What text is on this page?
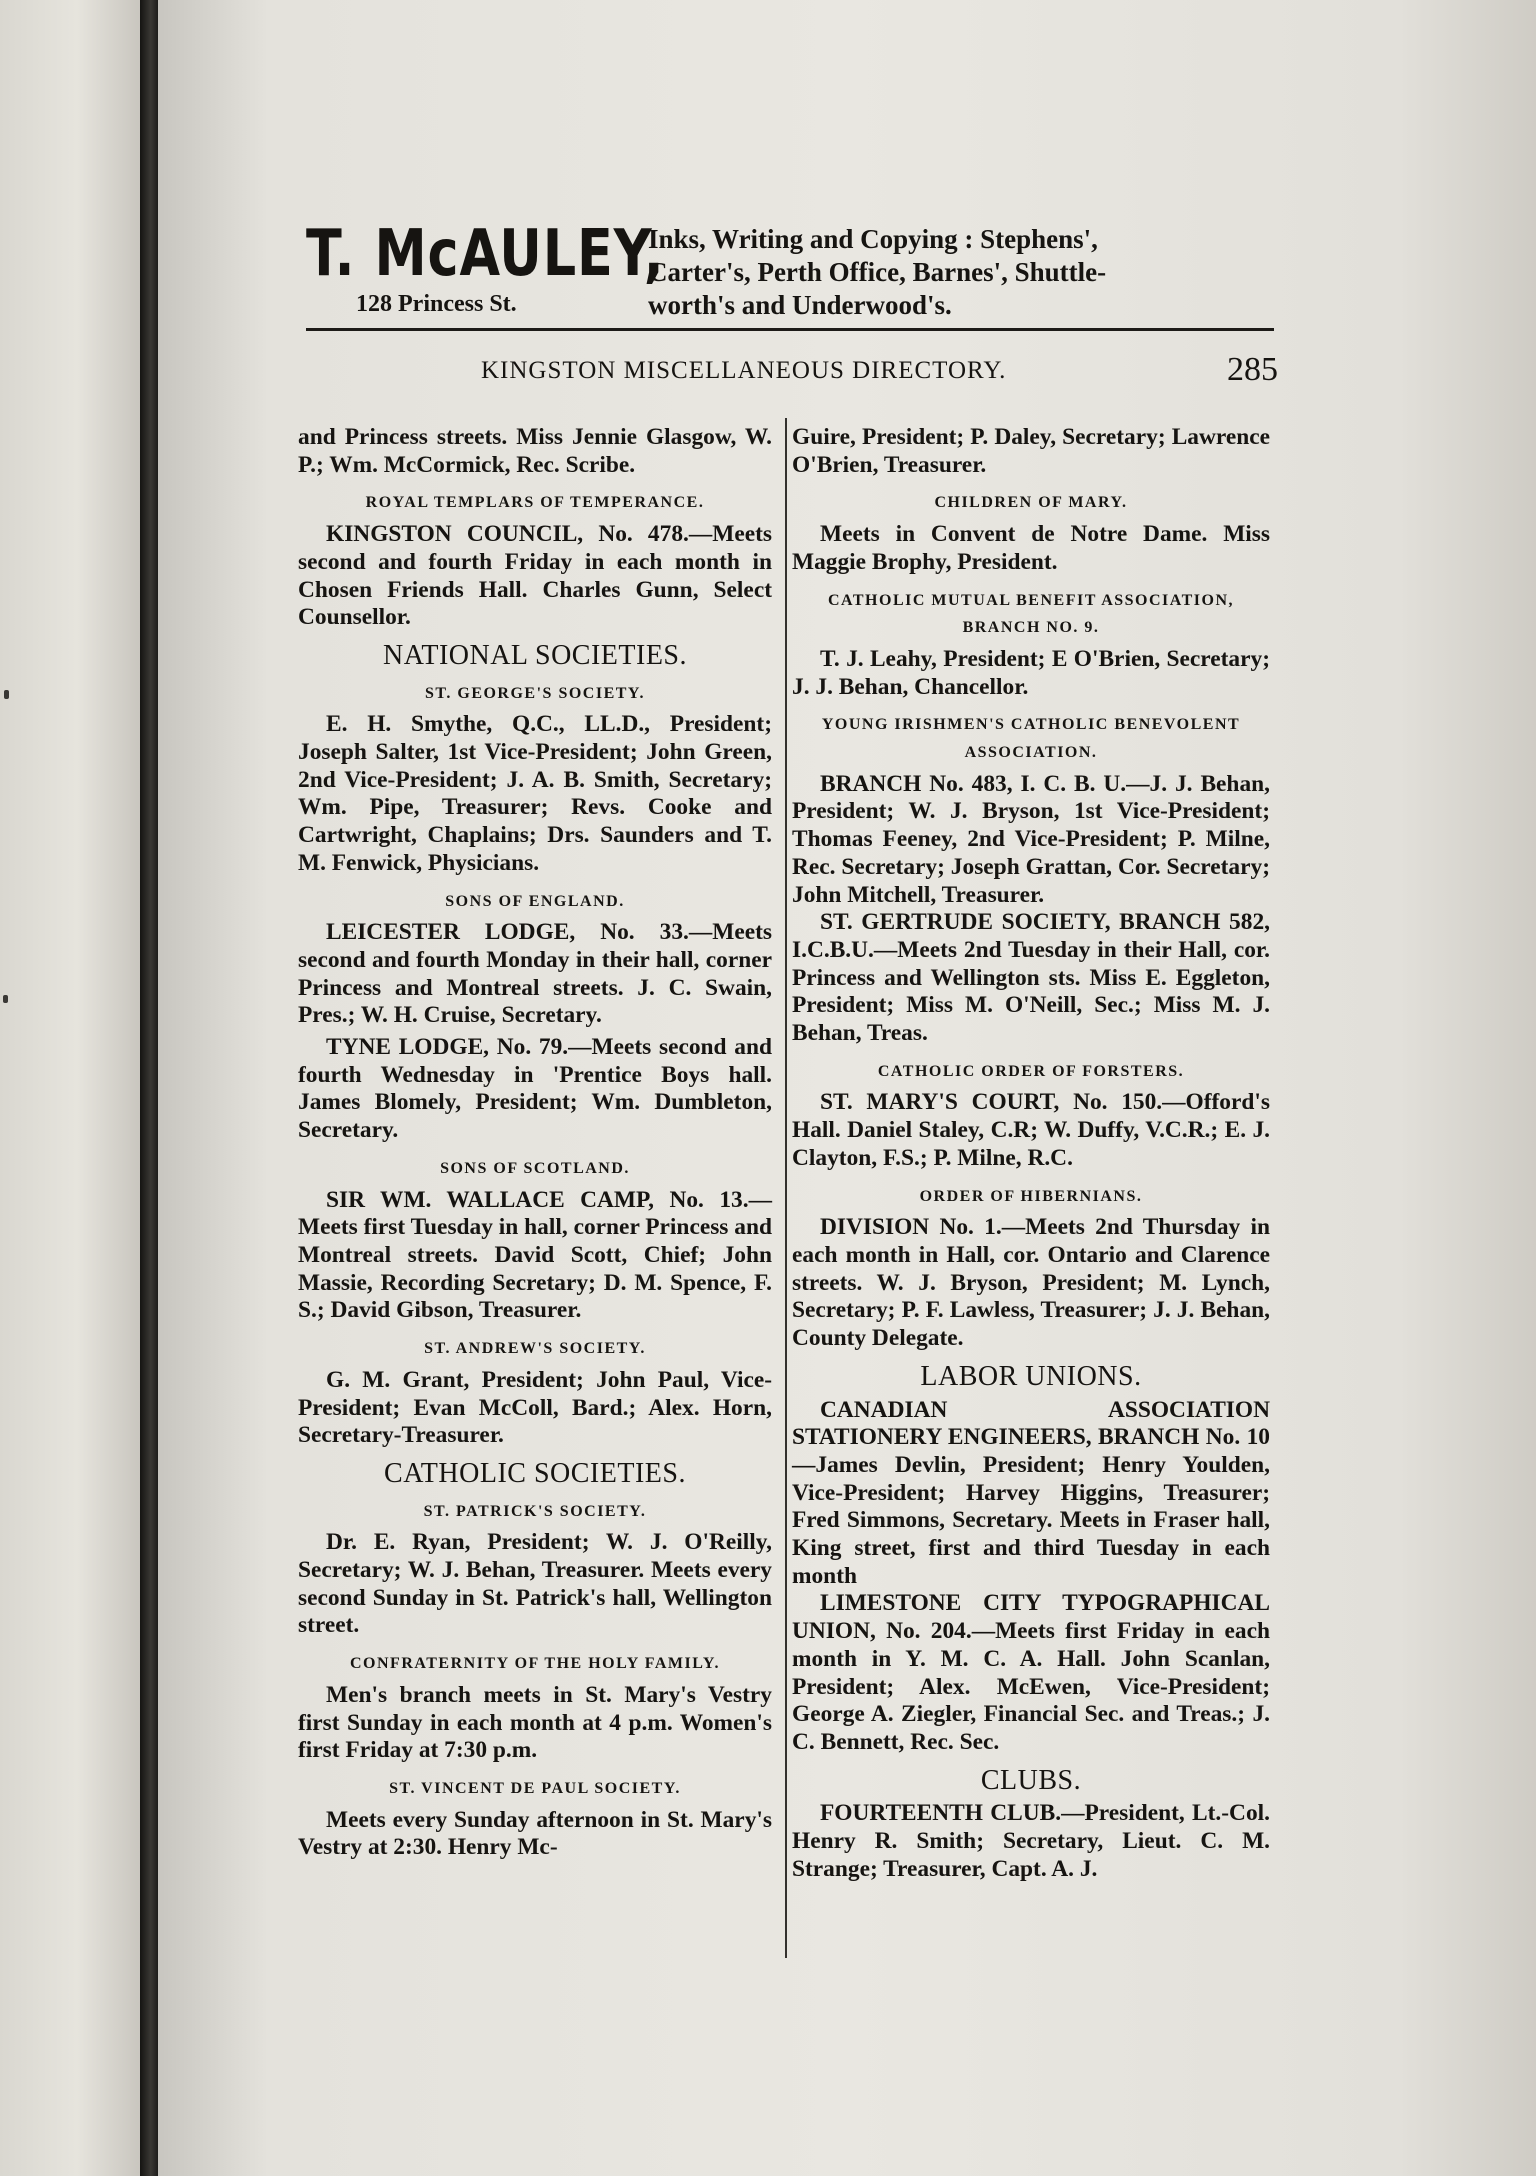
T. McAULEY,
128 Princess St.
Inks, Writing and Copying : Stephens',
Carter's, Perth Office, Barnes', Shuttle-
worth's and Underwood's.
KINGSTON MISCELLANEOUS DIRECTORY.	285

and Princess streets. Miss Jennie Glasgow, W. P.; Wm. McCormick, Rec. Scribe.

ROYAL TEMPLARS OF TEMPERANCE.

KINGSTON COUNCIL, No. 478.—Meets second and fourth Friday in each month in Chosen Friends Hall. Charles Gunn, Select Counsellor.

NATIONAL SOCIETIES.
ST. GEORGE'S SOCIETY.

E. H. Smythe, Q.C., LL.D., President; Joseph Salter, 1st Vice-President; John Green, 2nd Vice-President; J. A. B. Smith, Secretary; Wm. Pipe, Treasurer; Revs. Cooke and Cartwright, Chaplains; Drs. Saunders and T. M. Fenwick, Physicians.

SONS OF ENGLAND.

LEICESTER LODGE, No. 33.—Meets second and fourth Monday in their hall, corner Princess and Montreal streets. J. C. Swain, Pres.; W. H. Cruise, Secretary.

TYNE LODGE, No. 79.—Meets second and fourth Wednesday in 'Prentice Boys hall. James Blomely, President; Wm. Dumbleton, Secretary.

SONS OF SCOTLAND.

SIR WM. WALLACE CAMP, No. 13.—Meets first Tuesday in hall, corner Princess and Montreal streets. David Scott, Chief; John Massie, Recording Secretary; D. M. Spence, F. S.; David Gibson, Treasurer.

ST. ANDREW'S SOCIETY.

G. M. Grant, President; John Paul, Vice-President; Evan McColl, Bard.; Alex. Horn, Secretary-Treasurer.

CATHOLIC SOCIETIES.
ST. PATRICK'S SOCIETY.

Dr. E. Ryan, President; W. J. O'Reilly, Secretary; W. J. Behan, Treasurer. Meets every second Sunday in St. Patrick's hall, Wellington street.

CONFRATERNITY OF THE HOLY FAMILY.

Men's branch meets in St. Mary's Vestry first Sunday in each month at 4 p.m. Women's first Friday at 7:30 p.m.

ST. VINCENT DE PAUL SOCIETY.

Meets every Sunday afternoon in St. Mary's Vestry at 2:30. Henry Mc-

Guire, President; P. Daley, Secretary; Lawrence O'Brien, Treasurer.

CHILDREN OF MARY.

Meets in Convent de Notre Dame. Miss Maggie Brophy, President.

CATHOLIC MUTUAL BENEFIT ASSOCIATION, BRANCH NO. 9.

T. J. Leahy, President; E O'Brien, Secretary; J. J. Behan, Chancellor.

YOUNG IRISHMEN'S CATHOLIC BENEVOLENT ASSOCIATION.

BRANCH No. 483, I. C. B. U.—J. J. Behan, President; W. J. Bryson, 1st Vice-President; Thomas Feeney, 2nd Vice-President; P. Milne, Rec. Secretary; Joseph Grattan, Cor. Secretary; John Mitchell, Treasurer.

ST. GERTRUDE SOCIETY, BRANCH 582, I.C.B.U.—Meets 2nd Tuesday in their Hall, cor. Princess and Wellington sts. Miss E. Eggleton, President; Miss M. O'Neill, Sec.; Miss M. J. Behan, Treas.

CATHOLIC ORDER OF FORSTERS.

ST. MARY'S COURT, No. 150.—Offord's Hall. Daniel Staley, C.R; W. Duffy, V.C.R.; E. J. Clayton, F.S.; P. Milne, R.C.

ORDER OF HIBERNIANS.

DIVISION No. 1.—Meets 2nd Thursday in each month in Hall, cor. Ontario and Clarence streets. W. J. Bryson, President; M. Lynch, Secretary; P. F. Lawless, Treasurer; J. J. Behan, County Delegate.

LABOR UNIONS.

CANADIAN ASSOCIATION STATIONERY ENGINEERS, BRANCH No. 10—James Devlin, President; Henry Youlden, Vice-President; Harvey Higgins, Treasurer; Fred Simmons, Secretary. Meets in Fraser hall, King street, first and third Tuesday in each month

LIMESTONE CITY TYPOGRAPHICAL UNION, No. 204.—Meets first Friday in each month in Y. M. C. A. Hall. John Scanlan, President; Alex. McEwen, Vice-President; George A. Ziegler, Financial Sec. and Treas.; J. C. Bennett, Rec. Sec.

CLUBS.

FOURTEENTH CLUB.—President, Lt.-Col. Henry R. Smith; Secretary, Lieut. C. M. Strange; Treasurer, Capt. A. J.
